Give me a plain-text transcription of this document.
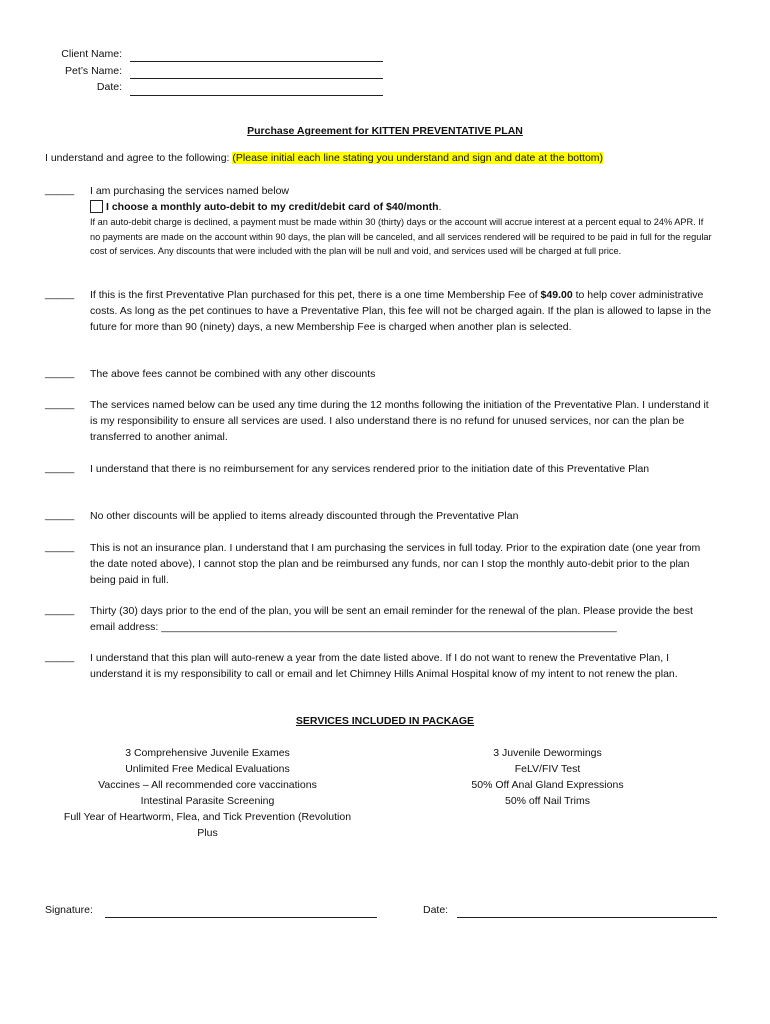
Client Name:
Pet’s Name:
Date:
Purchase Agreement for KITTEN PREVENTATIVE PLAN
I understand and agree to the following: (Please initial each line stating you understand and sign and date at the bottom)
_____ I am purchasing the services named below
I choose a monthly auto-debit to my credit/debit card of $40/month.
If an auto-debit charge is declined, a payment must be made within 30 (thirty) days or the account will accrue interest at a percent equal to 24% APR. If no payments are made on the account within 90 days, the plan will be canceled, and all services rendered will be required to be paid in full for the regular cost of services. Any discounts that were included with the plan will be null and void, and services used will be charged at full price.
_____ If this is the first Preventative Plan purchased for this pet, there is a one time Membership Fee of $49.00 to help cover administrative costs. As long as the pet continues to have a Preventative Plan, this fee will not be charged again. If the plan is allowed to lapse in the future for more than 90 (ninety) days, a new Membership Fee is charged when another plan is selected.
_____ The above fees cannot be combined with any other discounts
_____ The services named below can be used any time during the 12 months following the initiation of the Preventative Plan. I understand it is my responsibility to ensure all services are used. I also understand there is no refund for unused services, nor can the plan be transferred to another animal.
_____ I understand that there is no reimbursement for any services rendered prior to the initiation date of this Preventative Plan
_____ No other discounts will be applied to items already discounted through the Preventative Plan
_____ This is not an insurance plan. I understand that I am purchasing the services in full today. Prior to the expiration date (one year from the date noted above), I cannot stop the plan and be reimbursed any funds, nor can I stop the monthly auto-debit prior to the plan being paid in full.
_____ Thirty (30) days prior to the end of the plan, you will be sent an email reminder for the renewal of the plan. Please provide the best email address: ______________________________________________________________________________
_____ I understand that this plan will auto-renew a year from the date listed above. If I do not want to renew the Preventative Plan, I understand it is my responsibility to call or email and let Chimney Hills Animal Hospital know of my intent to not renew the plan.
SERVICES INCLUDED IN PACKAGE
3 Comprehensive Juvenile Exames
Unlimited Free Medical Evaluations
Vaccines – All recommended core vaccinations
Intestinal Parasite Screening
Full Year of Heartworm, Flea, and Tick Prevention (Revolution Plus
3 Juvenile Dewormings
FeLV/FIV Test
50% Off Anal Gland Expressions
50% off Nail Trims
Signature:	Date:
